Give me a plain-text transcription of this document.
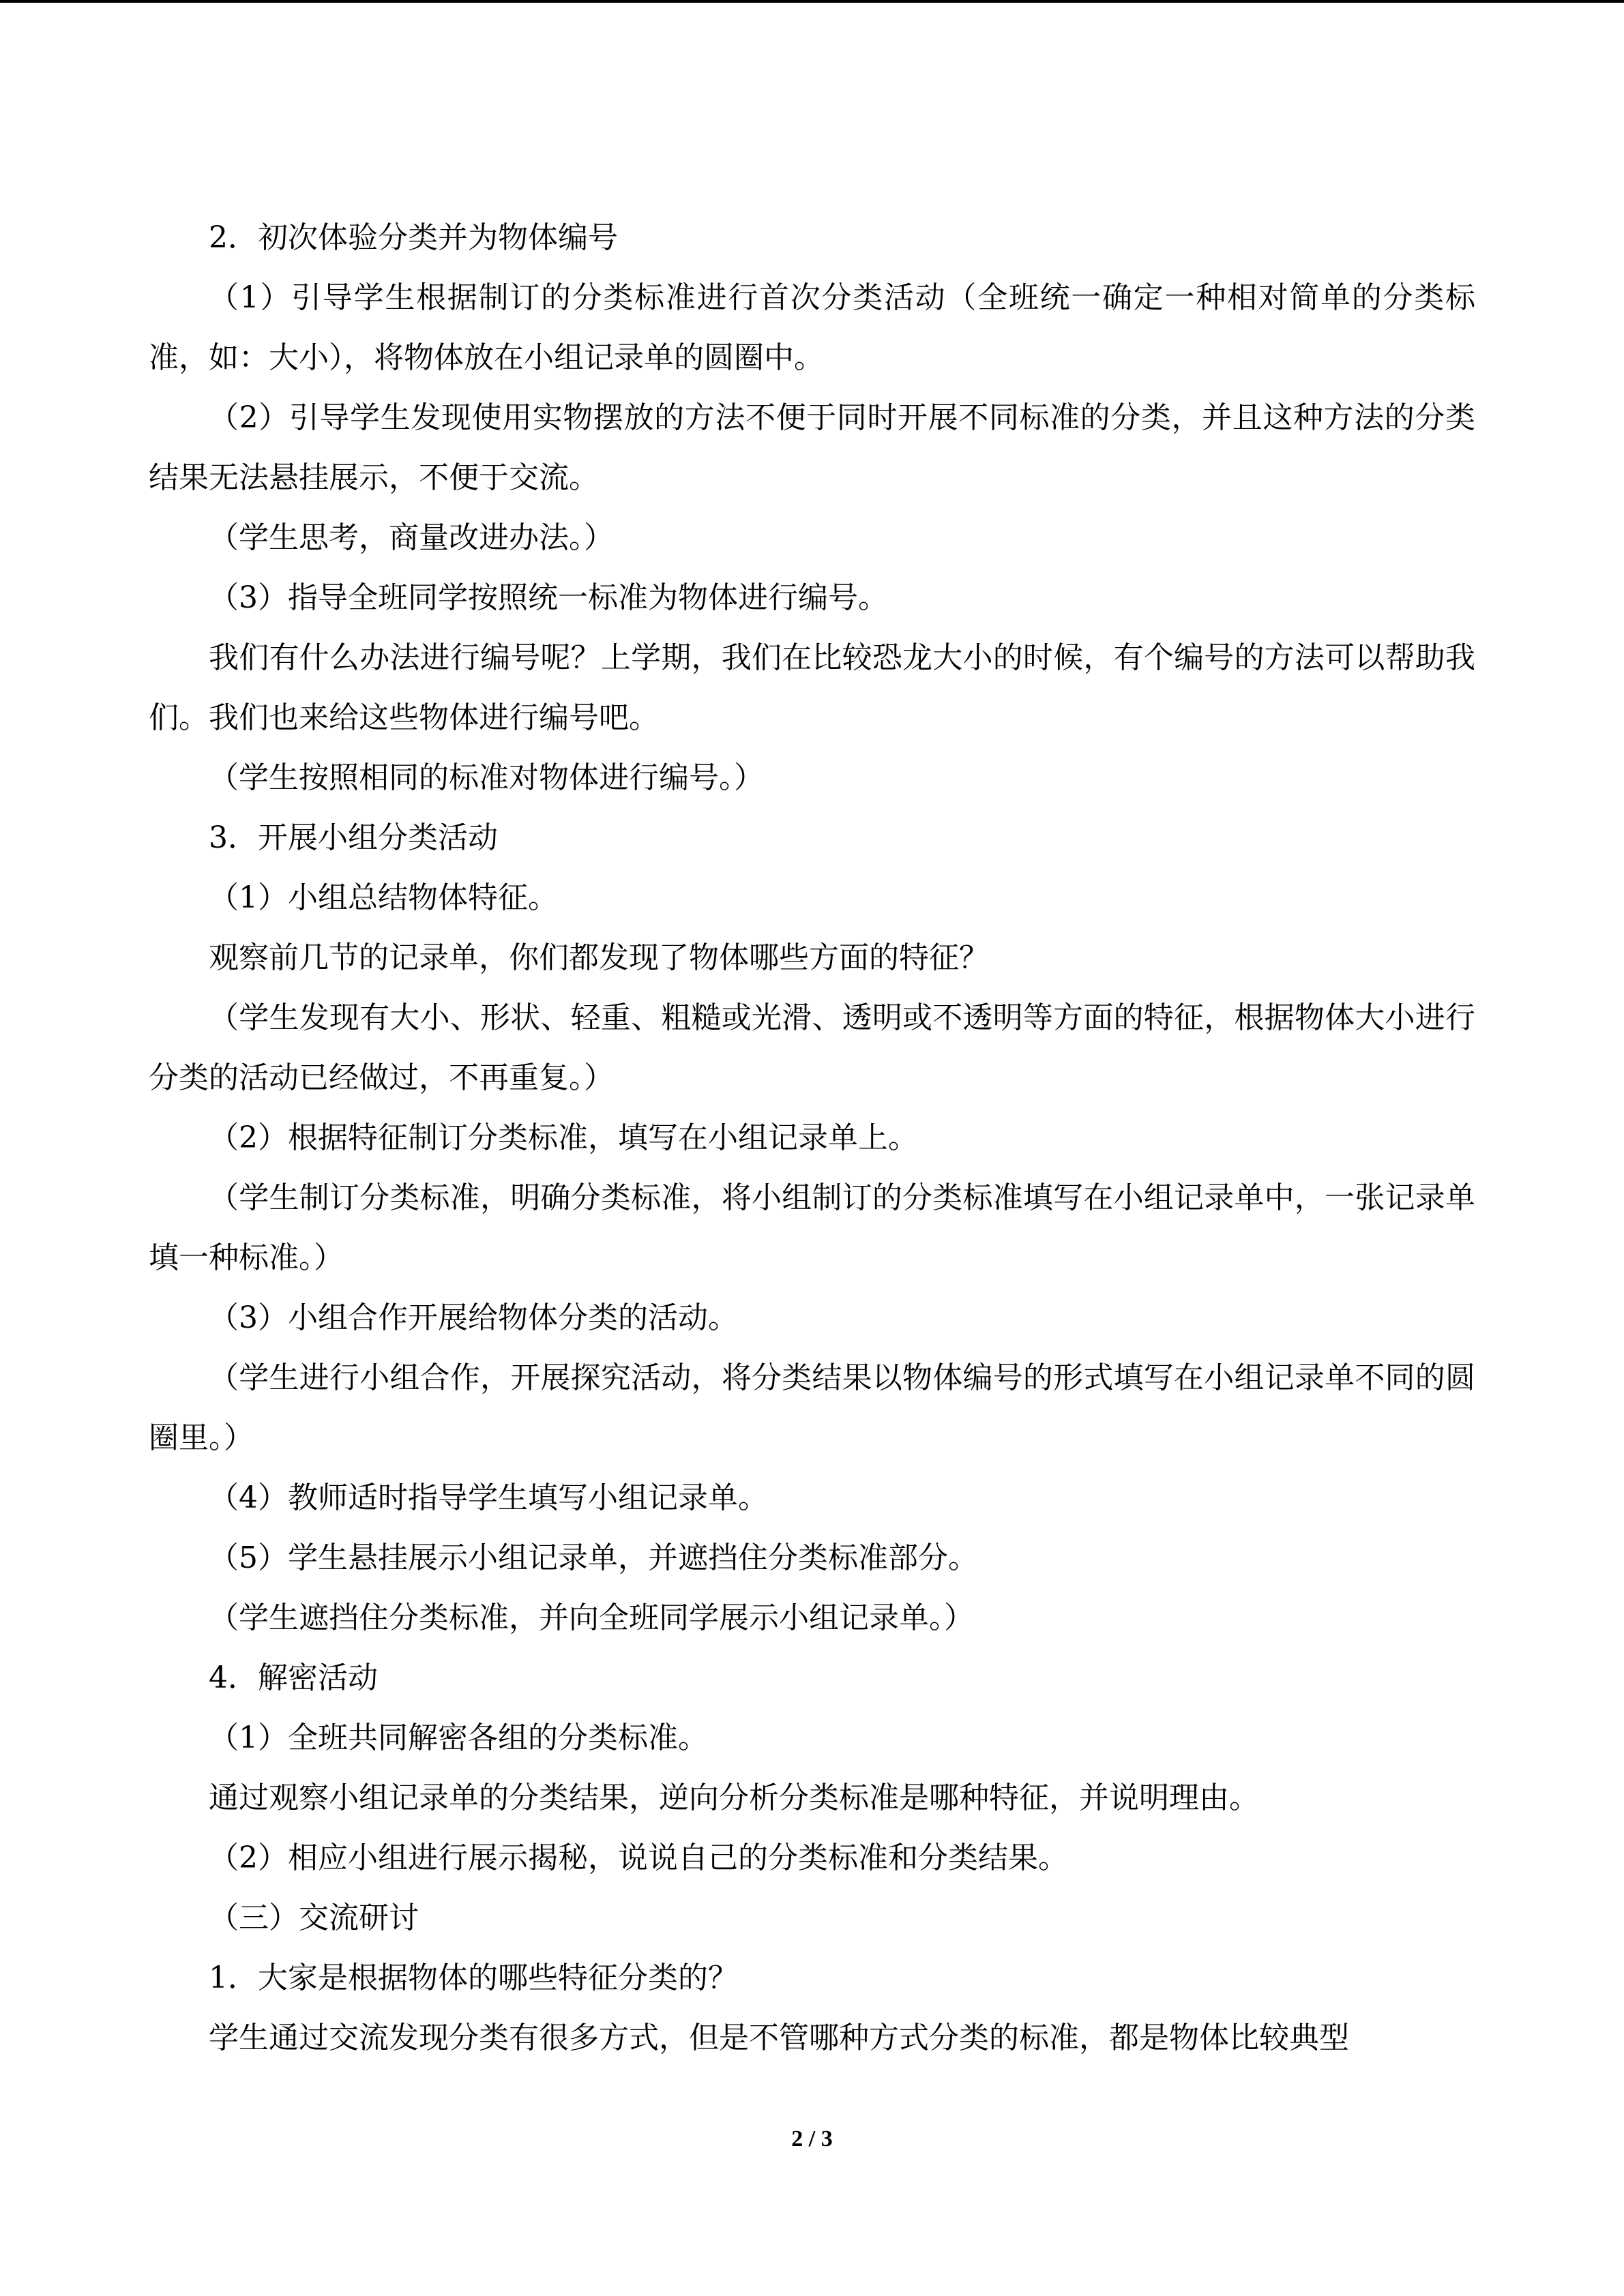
2．初次体验分类并为物体编号

（1）引导学生根据制订的分类标准进行首次分类活动（全班统一确定一种相对简单的分类标准，如：大小），将物体放在小组记录单的圆圈中。

（2）引导学生发现使用实物摆放的方法不便于同时开展不同标准的分类，并且这种方法的分类结果无法悬挂展示，不便于交流。

（学生思考，商量改进办法。）

（3）指导全班同学按照统一标准为物体进行编号。

我们有什么办法进行编号呢？上学期，我们在比较恐龙大小的时候，有个编号的方法可以帮助我们。我们也来给这些物体进行编号吧。

（学生按照相同的标准对物体进行编号。）

3．开展小组分类活动

（1）小组总结物体特征。

观察前几节的记录单，你们都发现了物体哪些方面的特征？

（学生发现有大小、形状、轻重、粗糙或光滑、透明或不透明等方面的特征，根据物体大小进行分类的活动已经做过，不再重复。）

（2）根据特征制订分类标准，填写在小组记录单上。

（学生制订分类标准，明确分类标准，将小组制订的分类标准填写在小组记录单中，一张记录单填一种标准。）

（3）小组合作开展给物体分类的活动。

（学生进行小组合作，开展探究活动，将分类结果以物体编号的形式填写在小组记录单不同的圆圈里。）

（4）教师适时指导学生填写小组记录单。

（5）学生悬挂展示小组记录单，并遮挡住分类标准部分。

（学生遮挡住分类标准，并向全班同学展示小组记录单。）

4．解密活动

（1）全班共同解密各组的分类标准。

通过观察小组记录单的分类结果，逆向分析分类标准是哪种特征，并说明理由。

（2）相应小组进行展示揭秘，说说自己的分类标准和分类结果。

（三）交流研讨

1．大家是根据物体的哪些特征分类的？

学生通过交流发现分类有很多方式，但是不管哪种方式分类的标准，都是物体比较典型

2 / 3
